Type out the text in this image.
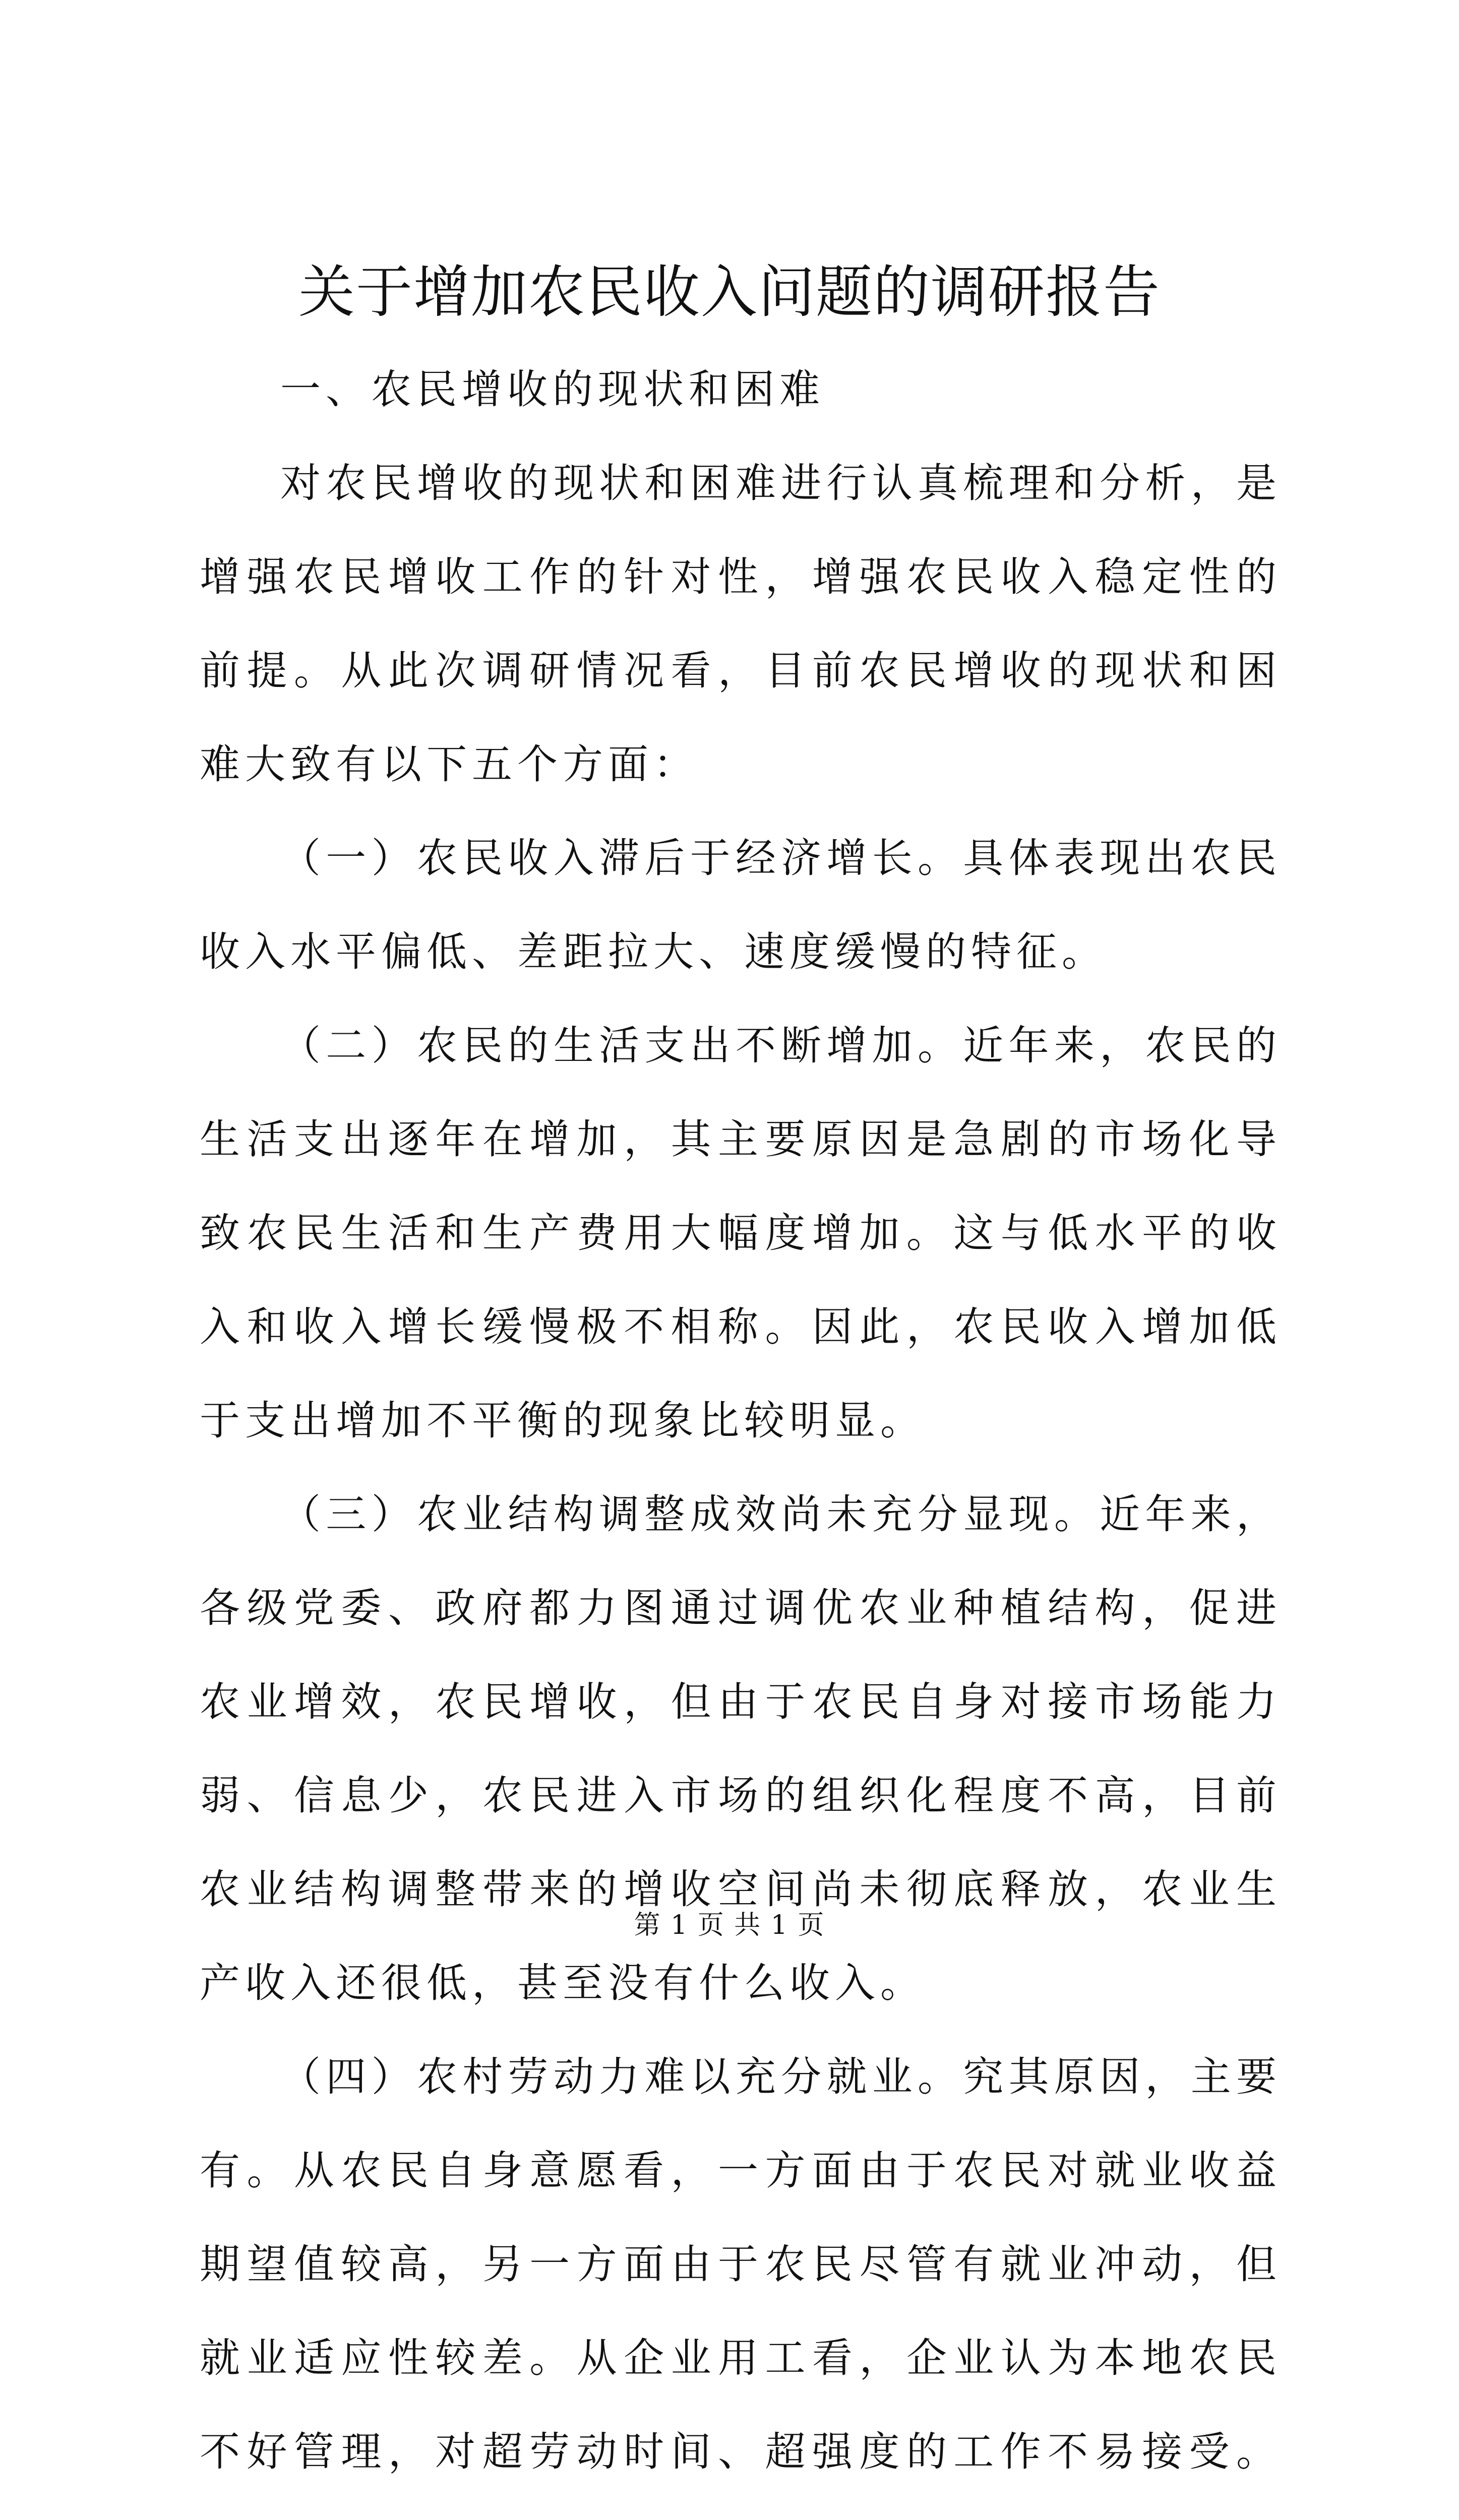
关于增加农民收入问题的调研报告

一、农民增收的现状和困难

对农民增收的现状和困难进行认真梳理和分析，是增强农民增收工作的针对性，增强农民收入稳定性的前提。从此次调研情况看，目前农民增收的现状和困难大致有以下五个方面：

（一）农民收入滞后于经济增长。具体表现出农民收入水平偏低、差距拉大、速度缓慢的特征。

（二）农民的生活支出不断增加。近年来，农民的生活支出逐年在增加，其主要原因是急剧的市场化导致农民生活和生产费用大幅度增加。这与低水平的收入和收入增长缓慢极不相称。因此，农民收入增加低于支出增加不平衡的现象比较明显。

（三）农业结构调整成效尚未充分显现。近年来，各级党委、政府都力图通过调优农业种植结构，促进农业增效，农民增收，但由于农民自身对接市场能力弱、信息少，农民进入市场的组织化程度不高，目前农业结构调整带来的增收空间尚未彻底释放，农业生产收入还很低，甚至没有什么收入。

（四）农村劳动力难以充分就业。究其原因，主要有。从农民自身意愿看，一方面由于农民对就业收益期望值较高，另一方面由于农民尽管有就业冲动，但就业适应性较差。从企业用工看，企业认为本地农民不好管理，对超劳动时间、超强度的工作不易接受。

第 1 页 共 1 页
